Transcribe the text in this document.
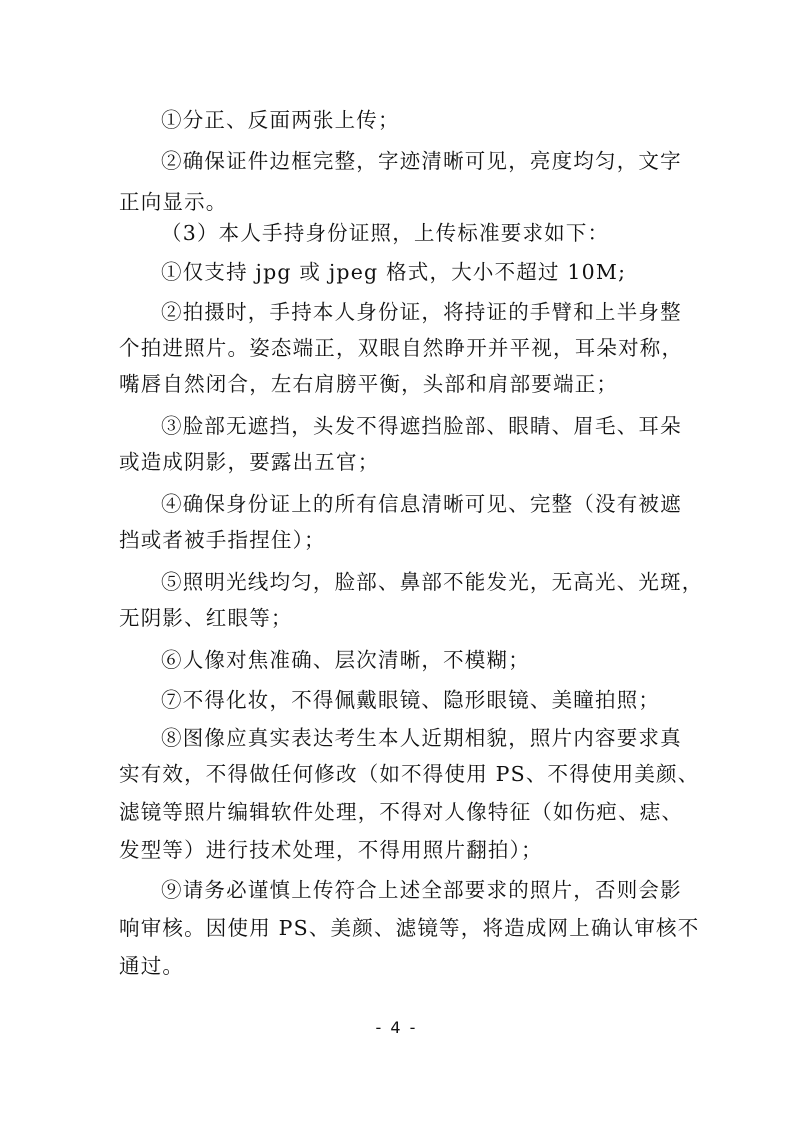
①分正、反面两张上传；
②确保证件边框完整，字迹清晰可见，亮度均匀，文字
正向显示。
（3）本人手持身份证照，上传标准要求如下：
①仅支持 jpg 或 jpeg 格式，大小不超过 10M;
②拍摄时，手持本人身份证，将持证的手臂和上半身整
个拍进照片。姿态端正，双眼自然睁开并平视，耳朵对称，
嘴唇自然闭合，左右肩膀平衡，头部和肩部要端正；
③脸部无遮挡，头发不得遮挡脸部、眼睛、眉毛、耳朵
或造成阴影，要露出五官；
④确保身份证上的所有信息清晰可见、完整（没有被遮
挡或者被手指捏住）；
⑤照明光线均匀，脸部、鼻部不能发光，无高光、光斑，
无阴影、红眼等；
⑥人像对焦准确、层次清晰，不模糊；
⑦不得化妆，不得佩戴眼镜、隐形眼镜、美瞳拍照；
⑧图像应真实表达考生本人近期相貌，照片内容要求真
实有效，不得做任何修改（如不得使用 PS、不得使用美颜、
滤镜等照片编辑软件处理，不得对人像特征（如伤疤、痣、
发型等）进行技术处理，不得用照片翻拍）；
⑨请务必谨慎上传符合上述全部要求的照片，否则会影
响审核。因使用 PS、美颜、滤镜等，将造成网上确认审核不
通过。
- 4 -
